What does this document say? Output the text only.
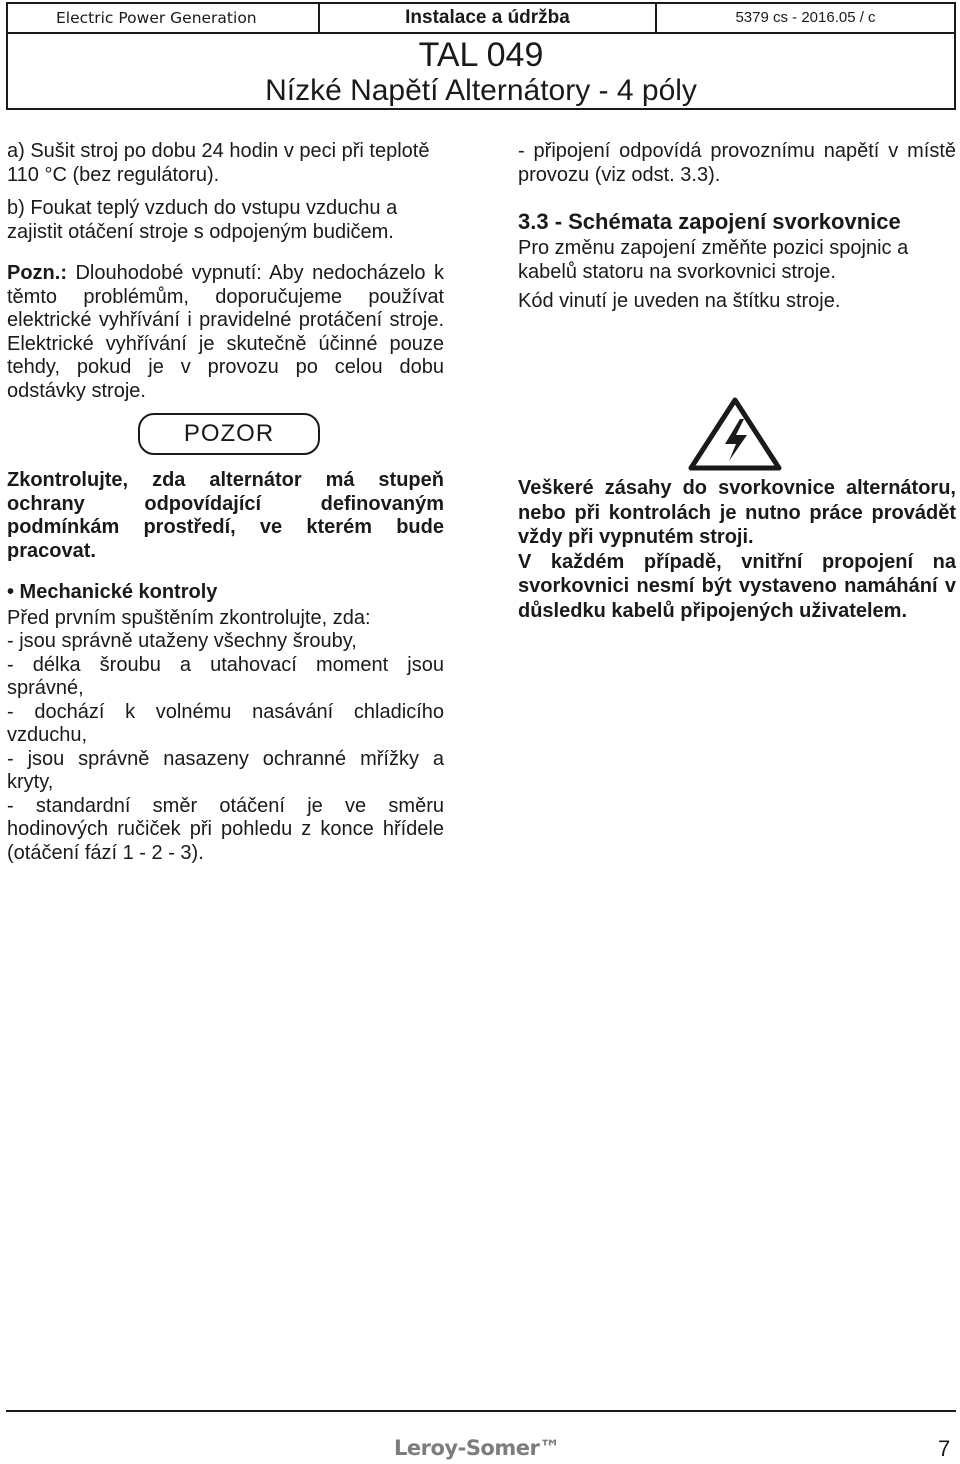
Electric Power Generation	Instalace a údržba	5379 cs - 2016.05 / c
TAL 049
Nízké Napětí Alternátory - 4 póly

a) Sušit stroj po dobu 24 hodin v peci při teplotě 110 °C (bez regulátoru).

b) Foukat teplý vzduch do vstupu vzduchu a zajistit otáčení stroje s odpojeným budičem.

Pozn.: Dlouhodobé vypnutí: Aby nedocházelo k těmto problémům, doporučujeme používat elektrické vyhřívání i pravidelné protáčení stroje. Elektrické vyhřívání je skutečně účinné pouze tehdy, pokud je v provozu po celou dobu odstávky stroje.

POZOR

Zkontrolujte, zda alternátor má stupeň ochrany odpovídající definovaným podmínkám prostředí, ve kterém bude pracovat.

• Mechanické kontroly

Před prvním spuštěním zkontrolujte, zda:

- jsou správně utaženy všechny šrouby,

- délka šroubu a utahovací moment jsou správné,

- dochází k volnému nasávání chladicího vzduchu,

- jsou správně nasazeny ochranné mřížky a kryty,

- standardní směr otáčení je ve směru hodinových ručiček při pohledu z konce hřídele (otáčení fází 1 - 2 - 3).

- připojení odpovídá provoznímu napětí v místě provozu (viz odst. 3.3).

3.3 - Schémata zapojení svorkovnice

Pro změnu zapojení změňte pozici spojnic a kabelů statoru na svorkovnici stroje.

Kód vinutí je uveden na štítku stroje.

Veškeré zásahy do svorkovnice alternátoru, nebo při kontrolách je nutno práce provádět vždy při vypnutém stroji.

V každém případě, vnitřní propojení na svorkovnici nesmí být vystaveno namáhání v důsledku kabelů připojených uživatelem.

Leroy-Somer™	7
